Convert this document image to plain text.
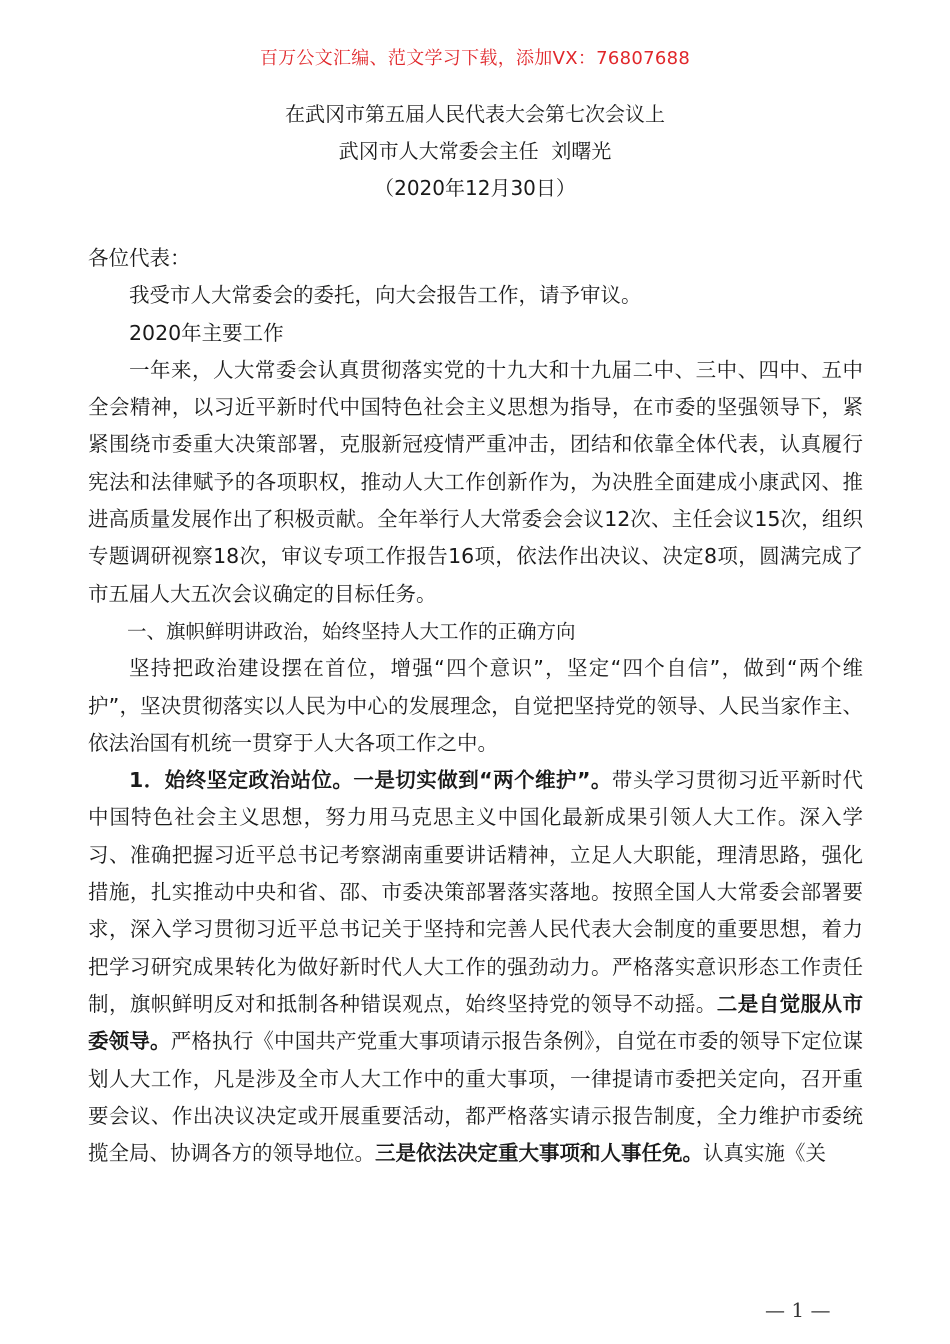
百万公文汇编、范文学习下载，添加VX：76807688
在武冈市第五届人民代表大会第七次会议上
武冈市人大常委会主任  刘曙光
（2020年12月30日）

各位代表：

我受市人大常委会的委托，向大会报告工作，请予审议。

2020年主要工作

一年来，人大常委会认真贯彻落实党的十九大和十九届二中、三中、四中、五中全会精神，以习近平新时代中国特色社会主义思想为指导，在市委的坚强领导下，紧紧围绕市委重大决策部署，克服新冠疫情严重冲击，团结和依靠全体代表，认真履行宪法和法律赋予的各项职权，推动人大工作创新作为，为决胜全面建成小康武冈、推进高质量发展作出了积极贡献。全年举行人大常委会会议12次、主任会议15次，组织专题调研视察18次，审议专项工作报告16项，依法作出决议、决定8项，圆满完成了市五届人大五次会议确定的目标任务。

一、旗帜鲜明讲政治，始终坚持人大工作的正确方向

坚持把政治建设摆在首位，增强“四个意识”，坚定“四个自信”，做到“两个维护”，坚决贯彻落实以人民为中心的发展理念，自觉把坚持党的领导、人民当家作主、依法治国有机统一贯穿于人大各项工作之中。

1．始终坚定政治站位。一是切实做到“两个维护”。带头学习贯彻习近平新时代中国特色社会主义思想，努力用马克思主义中国化最新成果引领人大工作。深入学习、准确把握习近平总书记考察湖南重要讲话精神，立足人大职能，理清思路，强化措施，扎实推动中央和省、邵、市委决策部署落实落地。按照全国人大常委会部署要求，深入学习贯彻习近平总书记关于坚持和完善人民代表大会制度的重要思想，着力把学习研究成果转化为做好新时代人大工作的强劲动力。严格落实意识形态工作责任制，旗帜鲜明反对和抵制各种错误观点，始终坚持党的领导不动摇。二是自觉服从市委领导。严格执行《中国共产党重大事项请示报告条例》，自觉在市委的领导下定位谋划人大工作，凡是涉及全市人大工作中的重大事项，一律提请市委把关定向，召开重要会议、作出决议决定或开展重要活动，都严格落实请示报告制度，全力维护市委统揽全局、协调各方的领导地位。三是依法决定重大事项和人事任免。认真实施《关

— 1 —
